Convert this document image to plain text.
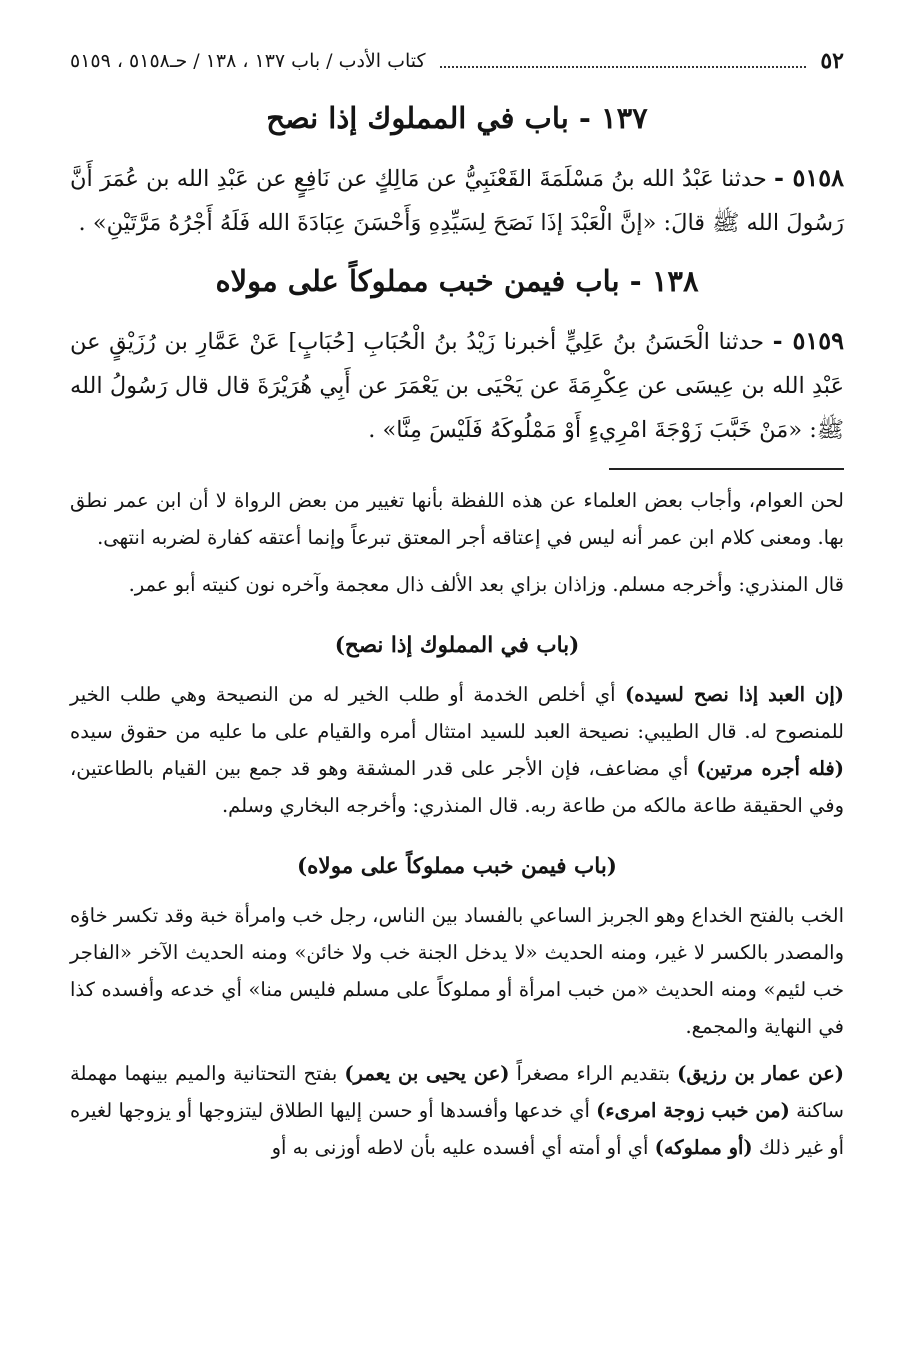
٥٢
كتاب الأدب / باب ١٣٧ ، ١٣٨ / حـ٥١٥٨ ، ٥١٥٩
١٣٧ - باب في المملوك إذا نصح

٥١٥٨ - حدثنا عَبْدُ الله بنُ مَسْلَمَةَ القَعْنَبِيُّ عن مَالِكٍ عن نَافِعٍ عن عَبْدِ الله بن عُمَرَ أَنَّ رَسُولَ الله ﷺ قالَ: «إنَّ الْعَبْدَ إذَا نَصَحَ لِسَيِّدِهِ وَأَحْسَنَ عِبَادَةَ الله فَلَهُ أَجْرُهُ مَرَّتَيْنِ» .

١٣٨ - باب فيمن خبب مملوكاً على مولاه

٥١٥٩ - حدثنا الْحَسَنُ بنُ عَلِيٍّ أخبرنا زَيْدُ بنُ الْحُبَابِ [حُبَابٍ] عَنْ عَمَّارِ بن رُزَيْقٍ عن عَبْدِ الله بن عِيسَى عن عِكْرِمَةَ عن يَحْيَى بن يَعْمَرَ عن أَبِي هُرَيْرَةَ قال قال رَسُولُ الله ﷺ: «مَنْ خَبَّبَ زَوْجَةَ امْرِيءٍ أَوْ مَمْلُوكَهُ فَلَيْسَ مِنَّا» .

لحن العوام، وأجاب بعض العلماء عن هذه اللفظة بأنها تغيير من بعض الرواة لا أن ابن عمر نطق بها. ومعنى كلام ابن عمر أنه ليس في إعتاقه أجر المعتق تبرعاً وإنما أعتقه كفارة لضربه انتهى.

قال المنذري: وأخرجه مسلم. وزاذان بزاي بعد الألف ذال معجمة وآخره نون كنيته أبو عمر.

(باب في المملوك إذا نصح)

(إن العبد إذا نصح لسيده) أي أخلص الخدمة أو طلب الخير له من النصيحة وهي طلب الخير للمنصوح له. قال الطيبي: نصيحة العبد للسيد امتثال أمره والقيام على ما عليه من حقوق سيده (فله أجره مرتين) أي مضاعف، فإن الأجر على قدر المشقة وهو قد جمع بين القيام بالطاعتين، وفي الحقيقة طاعة مالكه من طاعة ربه. قال المنذري: وأخرجه البخاري وسلم.

(باب فيمن خبب مملوكاً على مولاه)

الخب بالفتح الخداع وهو الجربز الساعي بالفساد بين الناس، رجل خب وامرأة خبة وقد تكسر خاؤه والمصدر بالكسر لا غير، ومنه الحديث «لا يدخل الجنة خب ولا خائن» ومنه الحديث الآخر «الفاجر خب لئيم» ومنه الحديث «من خبب امرأة أو مملوكاً على مسلم فليس منا» أي خدعه وأفسده كذا في النهاية والمجمع.

(عن عمار بن رزيق) بتقديم الراء مصغراً (عن يحيى بن يعمر) بفتح التحتانية والميم بينهما مهملة ساكنة (من خبب زوجة امرىء) أي خدعها وأفسدها أو حسن إليها الطلاق ليتزوجها أو يزوجها لغيره أو غير ذلك (أو مملوكه) أي أو أمته أي أفسده عليه بأن لاطه أوزنى به أو
